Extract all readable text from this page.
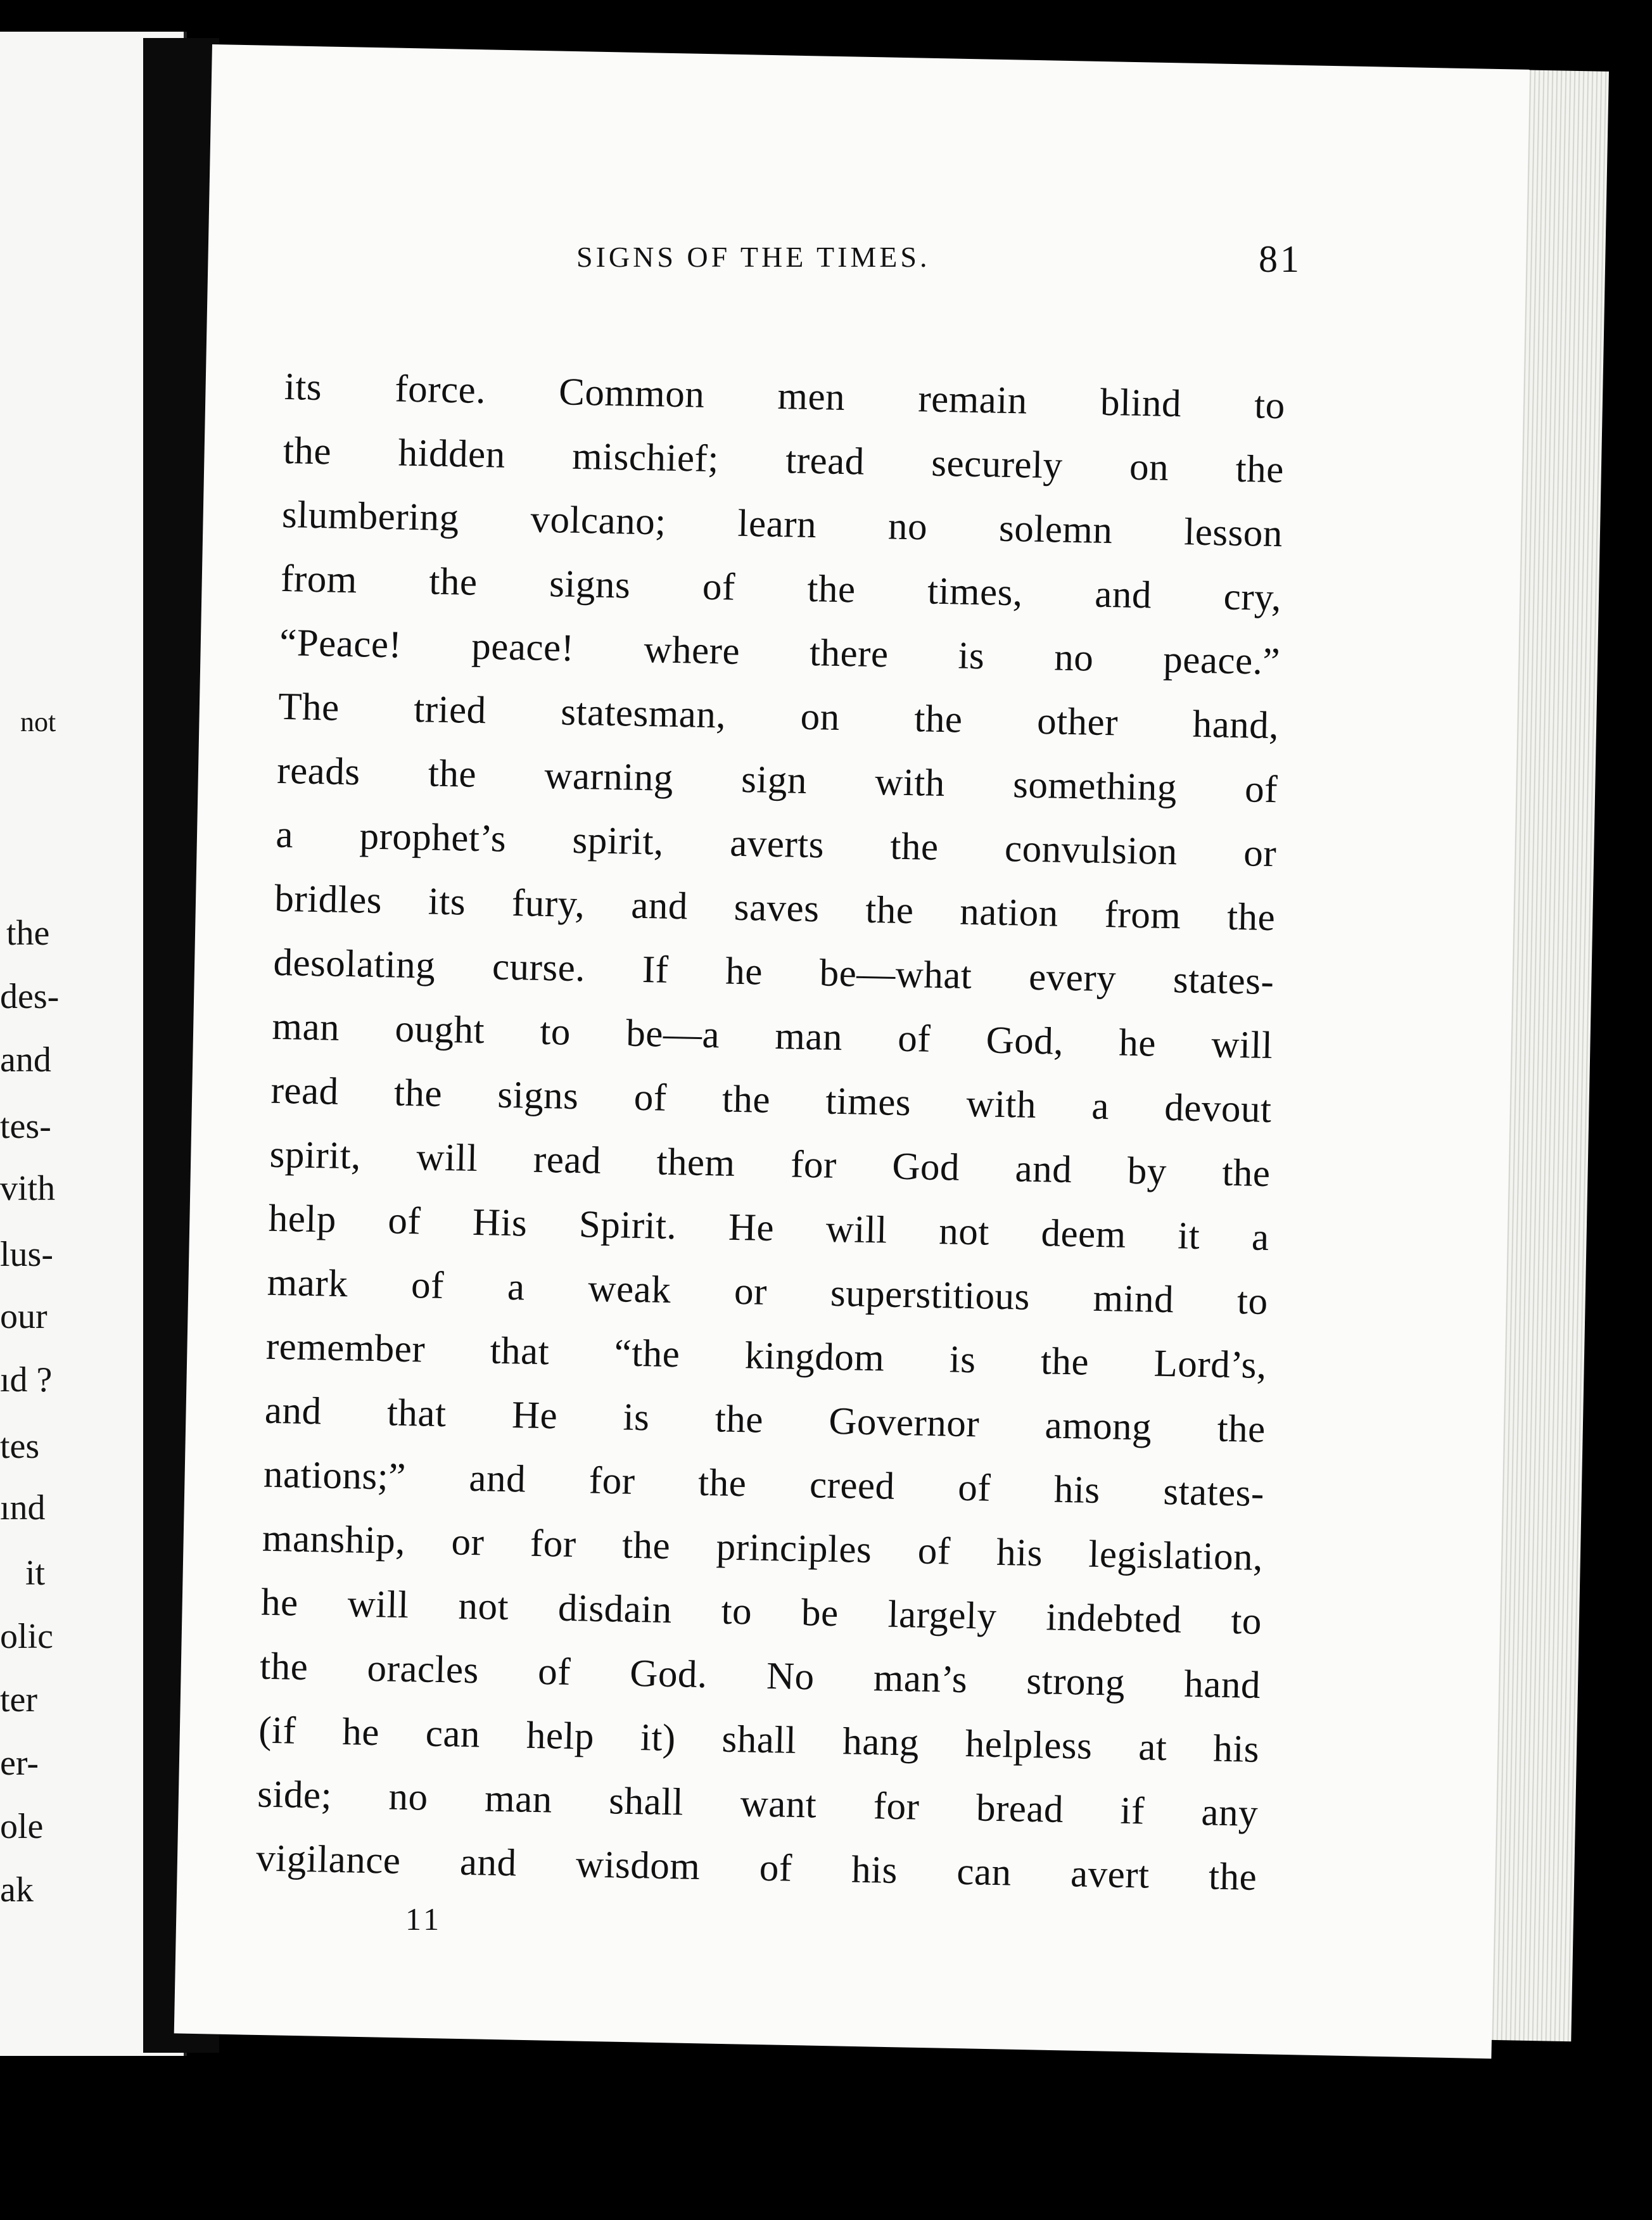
not
the
des-
and
tes-
vith
lus-
our
ıd ?
tes
ınd
it
olic
ter
er-
ole
ak
SIGNS OF THE TIMES.	81
its force. Common men remain blind to
the hidden mischief; tread securely on the
slumbering volcano; learn no solemn lesson
from the signs of the times, and cry,
“Peace! peace! where there is no peace.”
The tried statesman, on the other hand,
reads the warning sign with something of
a prophet’s spirit, averts the convulsion or
bridles its fury, and saves the nation from the
desolating curse. If he be—what every states-
man ought to be—a man of God, he will
read the signs of the times with a devout
spirit, will read them for God and by the
help of His Spirit. He will not deem it a
mark of a weak or superstitious mind to
remember that “the kingdom is the Lord’s,
and that He is the Governor among the
nations;” and for the creed of his states-
manship, or for the principles of his legislation,
he will not disdain to be largely indebted to
the oracles of God. No man’s strong hand
(if he can help it) shall hang helpless at his
side; no man shall want for bread if any
vigilance and wisdom of his can avert the
11
